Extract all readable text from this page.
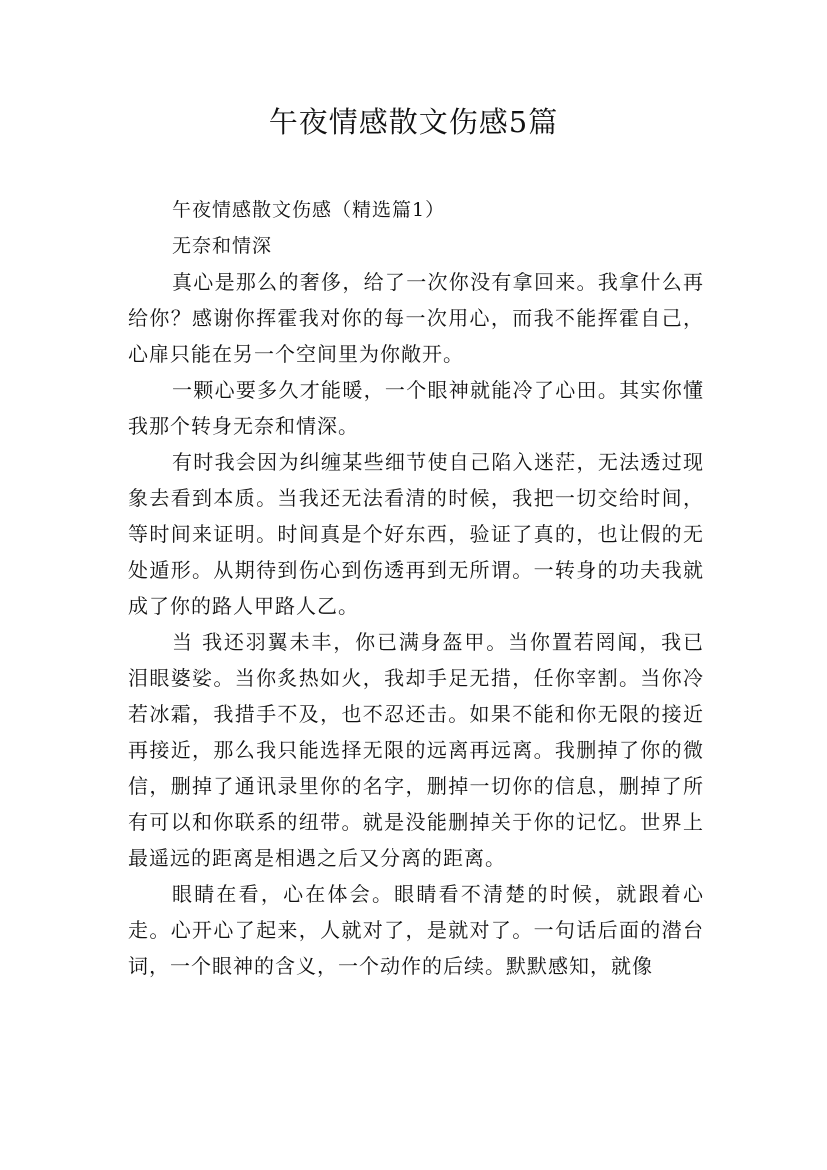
午夜情感散文伤感5篇

午夜情感散文伤感（精选篇1）

无奈和情深

真心是那么的奢侈，给了一次你没有拿回来。我拿什么再给你？感谢你挥霍我对你的每一次用心，而我不能挥霍自己，心扉只能在另一个空间里为你敞开。

一颗心要多久才能暖，一个眼神就能冷了心田。其实你懂我那个转身无奈和情深。

有时我会因为纠缠某些细节使自己陷入迷茫，无法透过现象去看到本质。当我还无法看清的时候，我把一切交给时间，等时间来证明。时间真是个好东西，验证了真的，也让假的无处遁形。从期待到伤心到伤透再到无所谓。一转身的功夫我就成了你的路人甲路人乙。

当 我还羽翼未丰，你已满身盔甲。当你置若罔闻，我已泪眼婆娑。当你炙热如火，我却手足无措，任你宰割。当你冷若冰霜，我措手不及，也不忍还击。如果不能和你无限的接近再接近，那么我只能选择无限的远离再远离。我删掉了你的微信，删掉了通讯录里你的名字，删掉一切你的信息，删掉了所有可以和你联系的纽带。就是没能删掉关于你的记忆。世界上最遥远的距离是相遇之后又分离的距离。

眼睛在看，心在体会。眼睛看不清楚的时候，就跟着心走。心开心了起来，人就对了，是就对了。一句话后面的潜台词，一个眼神的含义，一个动作的后续。默默感知，就像
